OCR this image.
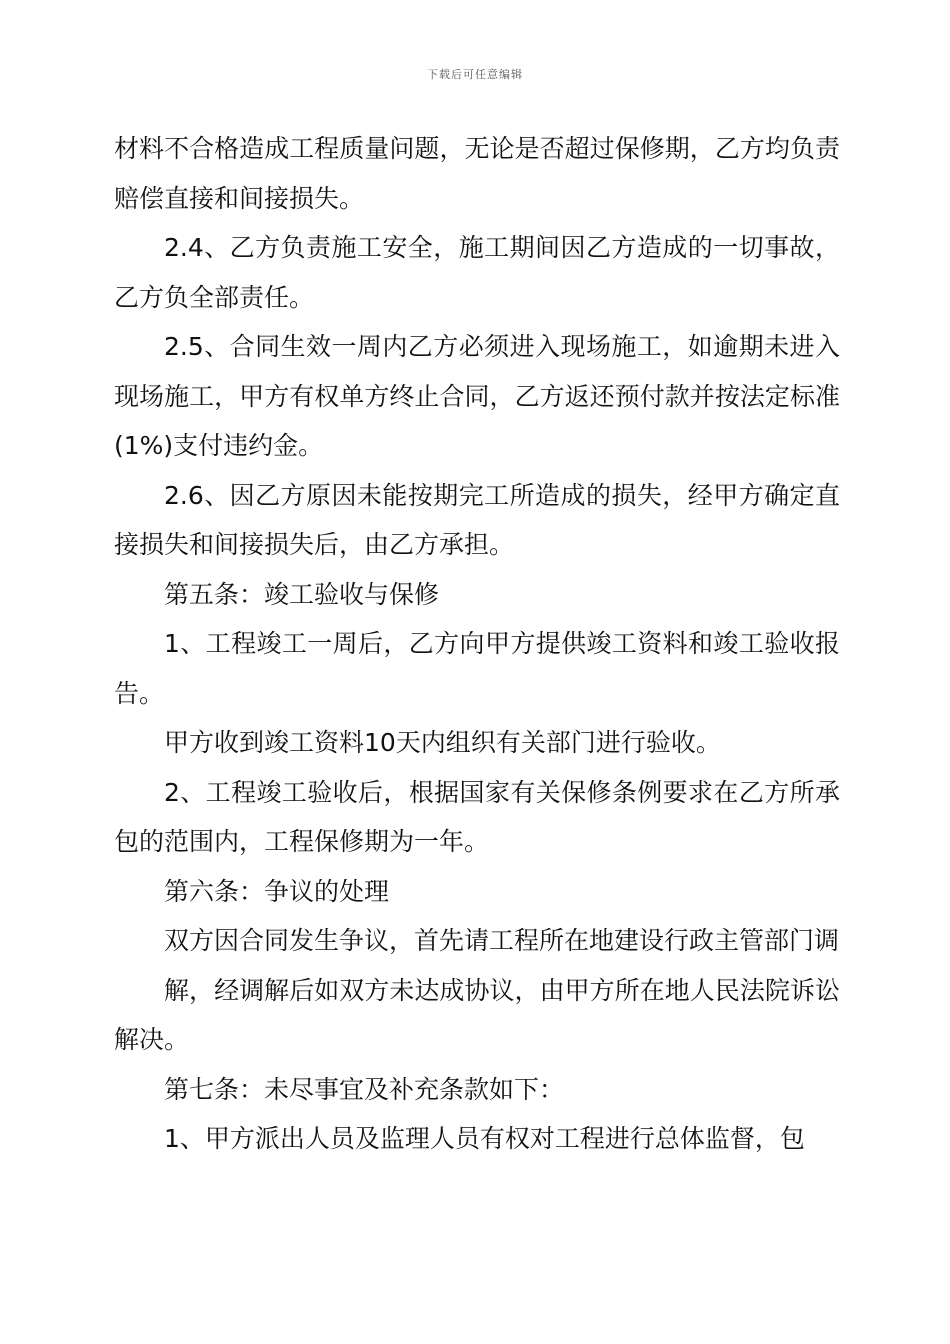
下载后可任意编辑

材料不合格造成工程质量问题，无论是否超过保修期，乙方均负责赔偿直接和间接损失。

2.4、乙方负责施工安全，施工期间因乙方造成的一切事故，乙方负全部责任。

2.5、合同生效一周内乙方必须进入现场施工，如逾期未进入现场施工，甲方有权单方终止合同，乙方返还预付款并按法定标准(1%)支付违约金。

2.6、因乙方原因未能按期完工所造成的损失，经甲方确定直接损失和间接损失后，由乙方承担。

第五条：竣工验收与保修

1、工程竣工一周后，乙方向甲方提供竣工资料和竣工验收报告。

甲方收到竣工资料10天内组织有关部门进行验收。

2、工程竣工验收后，根据国家有关保修条例要求在乙方所承包的范围内，工程保修期为一年。

第六条：争议的处理

双方因合同发生争议，首先请工程所在地建设行政主管部门调

解，经调解后如双方未达成协议，由甲方所在地人民法院诉讼解决。

第七条：未尽事宜及补充条款如下：

1、甲方派出人员及监理人员有权对工程进行总体监督，包
